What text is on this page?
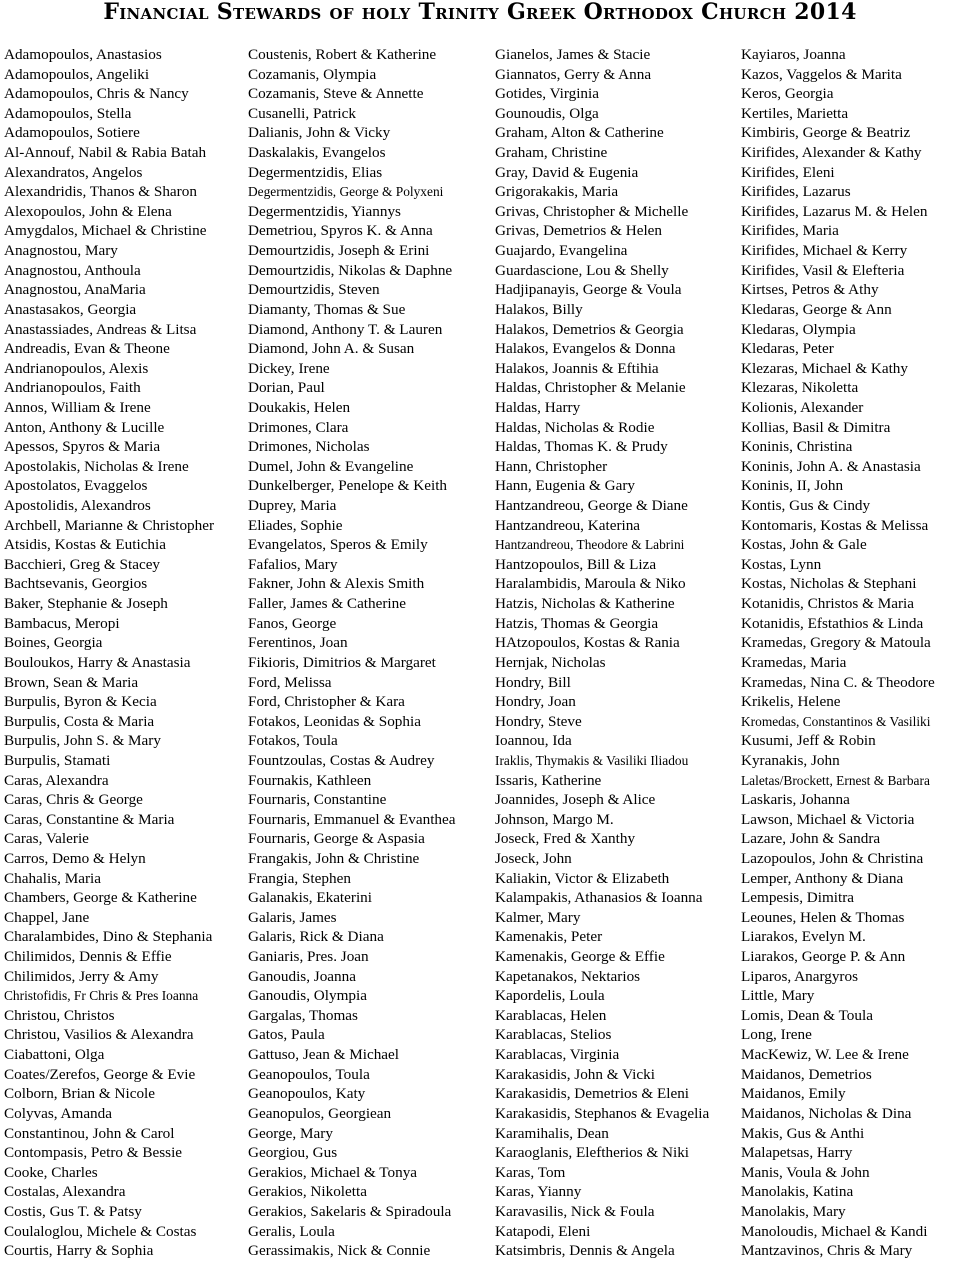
Financial Stewards of holy Trinity Greek Orthodox Church 2014
Adamopoulos, Anastasios
Adamopoulos, Angeliki
Adamopoulos, Chris & Nancy
Adamopoulos, Stella
Adamopoulos, Sotiere
Al-Annouf, Nabil & Rabia Batah
Alexandratos, Angelos
Alexandridis, Thanos & Sharon
Alexopoulos, John & Elena
Amygdalos, Michael & Christine
Anagnostou, Mary
Anagnostou, Anthoula
Anagnostou, AnaMaria
Anastasakos, Georgia
Anastassiades, Andreas & Litsa
Andreadis, Evan & Theone
Andrianopoulos, Alexis
Andrianopoulos, Faith
Annos, William & Irene
Anton, Anthony & Lucille
Apessos, Spyros & Maria
Apostolakis, Nicholas & Irene
Apostolatos, Evaggelos
Apostolidis, Alexandros
Archbell, Marianne & Christopher
Atsidis, Kostas & Eutichia
Bacchieri, Greg & Stacey
Bachtsevanis, Georgios
Baker, Stephanie & Joseph
Bambacus, Meropi
Boines, Georgia
Bouloukos, Harry & Anastasia
Brown, Sean & Maria
Burpulis, Byron & Kecia
Burpulis, Costa & Maria
Burpulis, John S. & Mary
Burpulis, Stamati
Caras, Alexandra
Caras, Chris & George
Caras, Constantine & Maria
Caras, Valerie
Carros, Demo & Helyn
Chahalis, Maria
Chambers, George & Katherine
Chappel, Jane
Charalambides, Dino & Stephania
Chilimidos, Dennis & Effie
Chilimidos, Jerry & Amy
Christofidis, Fr Chris & Pres Ioanna
Christou, Christos
Christou, Vasilios & Alexandra
Ciabattoni, Olga
Coates/Zerefos, George & Evie
Colborn, Brian & Nicole
Colyvas, Amanda
Constantinou, John & Carol
Contompasis, Petro & Bessie
Cooke, Charles
Costalas, Alexandra
Costis, Gus T. & Patsy
Coulaloglou, Michele & Costas
Courtis, Harry & Sophia
Coustenis, Robert & Katherine
Cozamanis, Olympia
Cozamanis, Steve & Annette
Cusanelli, Patrick
Dalianis, John & Vicky
Daskalakis, Evangelos
Degermentzidis, Elias
Degermentzidis, George & Polyxeni
Degermentzidis, Yiannys
Demetriou, Spyros K. & Anna
Demourtzidis, Joseph & Erini
Demourtzidis, Nikolas & Daphne
Demourtzidis, Steven
Diamanty, Thomas & Sue
Diamond, Anthony T. & Lauren
Diamond, John A. & Susan
Dickey, Irene
Dorian, Paul
Doukakis, Helen
Drimones, Clara
Drimones, Nicholas
Dumel, John & Evangeline
Dunkelberger, Penelope & Keith
Duprey, Maria
Eliades, Sophie
Evangelatos, Speros & Emily
Fafalios, Mary
Fakner, John & Alexis Smith
Faller, James & Catherine
Fanos, George
Ferentinos, Joan
Fikioris, Dimitrios & Margaret
Ford, Melissa
Ford, Christopher & Kara
Fotakos, Leonidas & Sophia
Fotakos, Toula
Fountzoulas, Costas & Audrey
Fournakis, Kathleen
Fournaris, Constantine
Fournaris, Emmanuel & Evanthea
Fournaris, George & Aspasia
Frangakis, John & Christine
Frangia, Stephen
Galanakis, Ekaterini
Galaris, James
Galaris, Rick & Diana
Ganiaris, Pres. Joan
Ganoudis, Joanna
Ganoudis, Olympia
Gargalas, Thomas
Gatos, Paula
Gattuso, Jean & Michael
Geanopoulos, Toula
Geanopoulos, Katy
Geanopulos, Georgiean
George, Mary
Georgiou, Gus
Gerakios, Michael & Tonya
Gerakios, Nikoletta
Gerakios, Sakelaris & Spiradoula
Geralis, Loula
Gerassimakis, Nick & Connie
Gianelos, James & Stacie
Giannatos, Gerry & Anna
Gotides, Virginia
Gounoudis, Olga
Graham, Alton & Catherine
Graham, Christine
Gray, David & Eugenia
Grigorakakis, Maria
Grivas, Christopher & Michelle
Grivas, Demetrios & Helen
Guajardo, Evangelina
Guardascione, Lou & Shelly
Hadjipanayis, George & Voula
Halakos, Billy
Halakos, Demetrios & Georgia
Halakos, Evangelos & Donna
Halakos, Joannis & Eftihia
Haldas, Christopher & Melanie
Haldas, Harry
Haldas, Nicholas & Rodie
Haldas, Thomas K. & Prudy
Hann, Christopher
Hann, Eugenia & Gary
Hantzandreou, George & Diane
Hantzandreou, Katerina
Hantzandreou, Theodore & Labrini
Hantzopoulos, Bill & Liza
Haralambidis, Maroula & Niko
Hatzis, Nicholas & Katherine
Hatzis, Thomas & Georgia
HAtzopoulos, Kostas & Rania
Hernjak, Nicholas
Hondry, Bill
Hondry, Joan
Hondry, Steve
Ioannou, Ida
Iraklis, Thymakis & Vasiliki Iliadou
Issaris, Katherine
Joannides, Joseph & Alice
Johnson, Margo M.
Joseck, Fred & Xanthy
Joseck, John
Kaliakin, Victor & Elizabeth
Kalampakis, Athanasios & Ioanna
Kalmer, Mary
Kamenakis, Peter
Kamenakis, George & Effie
Kapetanakos, Nektarios
Kapordelis, Loula
Karablacas, Helen
Karablacas, Stelios
Karablacas, Virginia
Karakasidis, John & Vicki
Karakasidis, Demetrios & Eleni
Karakasidis, Stephanos & Evagelia
Karamihalis, Dean
Karaoglanis, Eleftherios & Niki
Karas, Tom
Karas, Yianny
Karavasilis, Nick & Foula
Katapodi, Eleni
Katsimbris, Dennis & Angela
Kayiaros, Joanna
Kazos, Vaggelos & Marita
Keros, Georgia
Kertiles, Marietta
Kimbiris, George & Beatriz
Kirifides, Alexander & Kathy
Kirifides, Eleni
Kirifides, Lazarus
Kirifides, Lazarus M. & Helen
Kirifides, Maria
Kirifides, Michael & Kerry
Kirifides, Vasil & Elefteria
Kirtses, Petros & Athy
Kledaras, George & Ann
Kledaras, Olympia
Kledaras, Peter
Klezaras, Michael & Kathy
Klezaras, Nikoletta
Kolionis, Alexander
Kollias, Basil & Dimitra
Koninis, Christina
Koninis, John A. & Anastasia
Koninis, II, John
Kontis, Gus & Cindy
Kontomaris, Kostas & Melissa
Kostas, John & Gale
Kostas, Lynn
Kostas, Nicholas & Stephani
Kotanidis, Christos & Maria
Kotanidis, Efstathios & Linda
Kramedas, Gregory & Matoula
Kramedas, Maria
Kramedas, Nina C. & Theodore
Krikelis, Helene
Kromedas, Constantinos & Vasiliki
Kusumi, Jeff & Robin
Kyranakis, John
Laletas/Brockett, Ernest & Barbara
Laskaris, Johanna
Lawson, Michael & Victoria
Lazare, John & Sandra
Lazopoulos, John & Christina
Lemper, Anthony & Diana
Lempesis, Dimitra
Leounes, Helen & Thomas
Liarakos, Evelyn M.
Liarakos, George P. & Ann
Liparos, Anargyros
Little, Mary
Lomis, Dean & Toula
Long, Irene
MacKewiz, W. Lee & Irene
Maidanos, Demetrios
Maidanos, Emily
Maidanos, Nicholas & Dina
Makis, Gus & Anthi
Malapetsas, Harry
Manis, Voula & John
Manolakis, Katina
Manolakis, Mary
Manoloudis, Michael & Kandi
Mantzavinos, Chris & Mary
